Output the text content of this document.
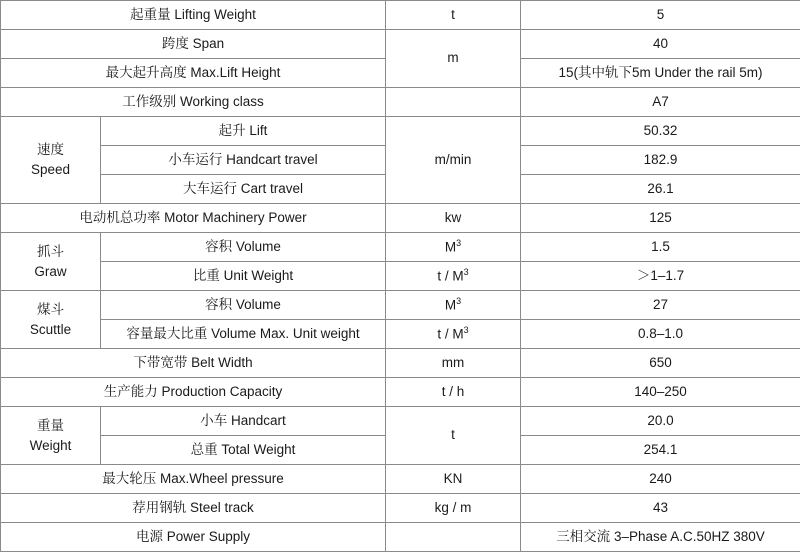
起重量 Lifting Weight		t	5
跨度 Span		m	40
最大起升高度 Max.Lift Height			15(其中轨下5m Under the rail 5m)
工作级别 Working class			A7

速度
Speed	起升 Lift	m/min	50.32
	小车运行 Handcart travel		182.9
	大车运行 Cart travel		26.1
电动机总功率 Motor Machinery Power		kw	125

抓斗
Graw	容积 Volume	$M^3$	1.5
	比重 Unit Weight	t / $M^3$	＞1–1.7

煤斗
Scuttle	容积 Volume	$M^3$	27
	容量最大比重 Volume Max. Unit weight	t / $M^3$	0.8–1.0
下带宽带 Belt Width		mm	650
生产能力 Production Capacity		t / h	140–250

重量
Weight	小车 Handcart	t	20.0
	总重 Total Weight		254.1
最大轮压 Max.Wheel pressure		KN	240
荐用钢轨 Steel track		kg / m	43
电源 Power Supply			三相交流 3–Phase A.C.50HZ 380V
